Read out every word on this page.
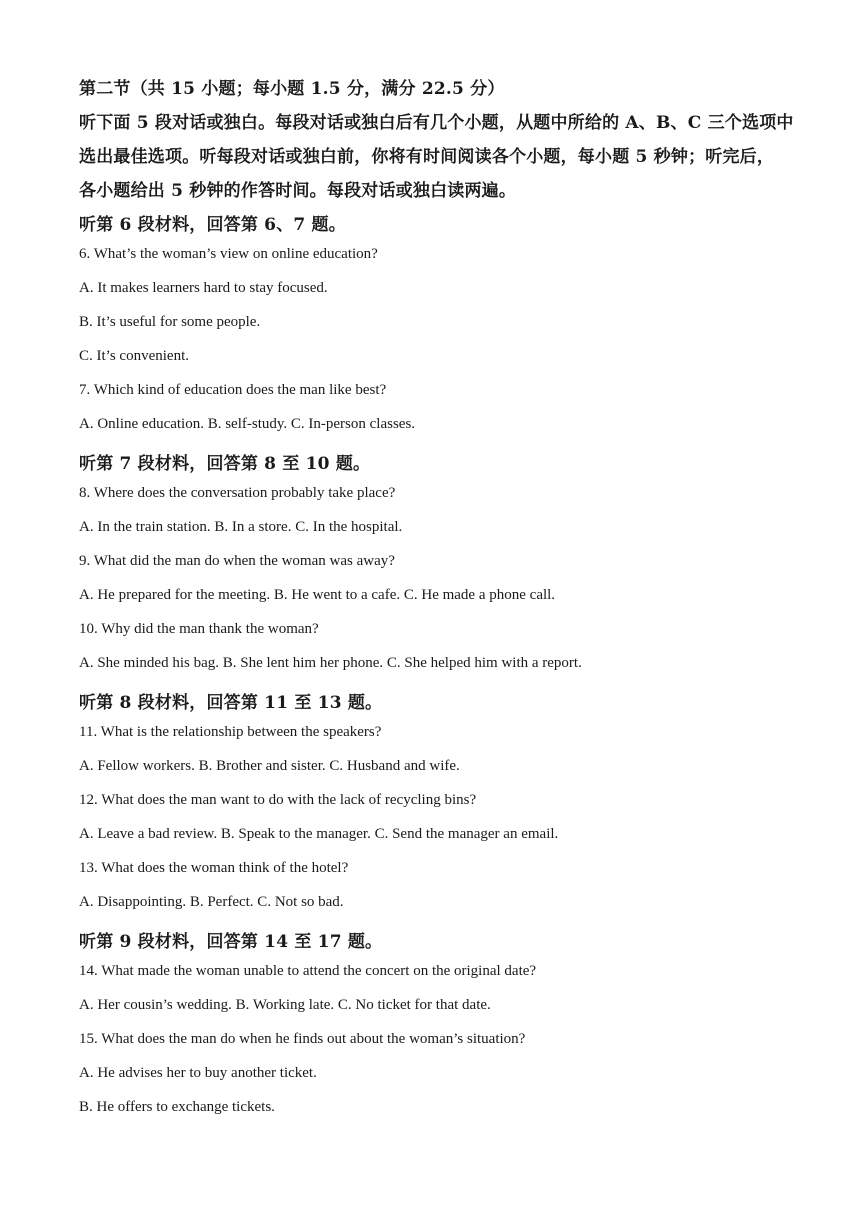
第二节（共 15 小题；每小题 1.5 分，满分 22.5 分）
听下面 5 段对话或独白。每段对话或独白后有几个小题，从题中所给的 A、B、C 三个选项中
选出最佳选项。听每段对话或独白前，你将有时间阅读各个小题，每小题 5 秒钟；听完后，
各小题给出 5 秒钟的作答时间。每段对话或独白读两遍。
听第 6 段材料，回答第 6、7 题。
6. What’s the woman’s view on online education?
A. It makes learners hard to stay focused.
B. It’s useful for some people.
C. It’s convenient.
7. Which kind of education does the man like best?
A. Online education. B. self-study. C. In-person classes.
听第 7 段材料，回答第 8 至 10 题。
8. Where does the conversation probably take place?
A. In the train station. B. In a store. C. In the hospital.
9. What did the man do when the woman was away?
A. He prepared for the meeting. B. He went to a cafe. C. He made a phone call.
10. Why did the man thank the woman?
A. She minded his bag. B. She lent him her phone. C. She helped him with a report.
听第 8 段材料，回答第 11 至 13 题。
11. What is the relationship between the speakers?
A. Fellow workers. B. Brother and sister. C. Husband and wife.
12. What does the man want to do with the lack of recycling bins?
A. Leave a bad review. B. Speak to the manager. C. Send the manager an email.
13. What does the woman think of the hotel?
A. Disappointing. B. Perfect. C. Not so bad.
听第 9 段材料，回答第 14 至 17 题。
14. What made the woman unable to attend the concert on the original date?
A. Her cousin’s wedding. B. Working late. C. No ticket for that date.
15. What does the man do when he finds out about the woman’s situation?
A. He advises her to buy another ticket.
B. He offers to exchange tickets.
